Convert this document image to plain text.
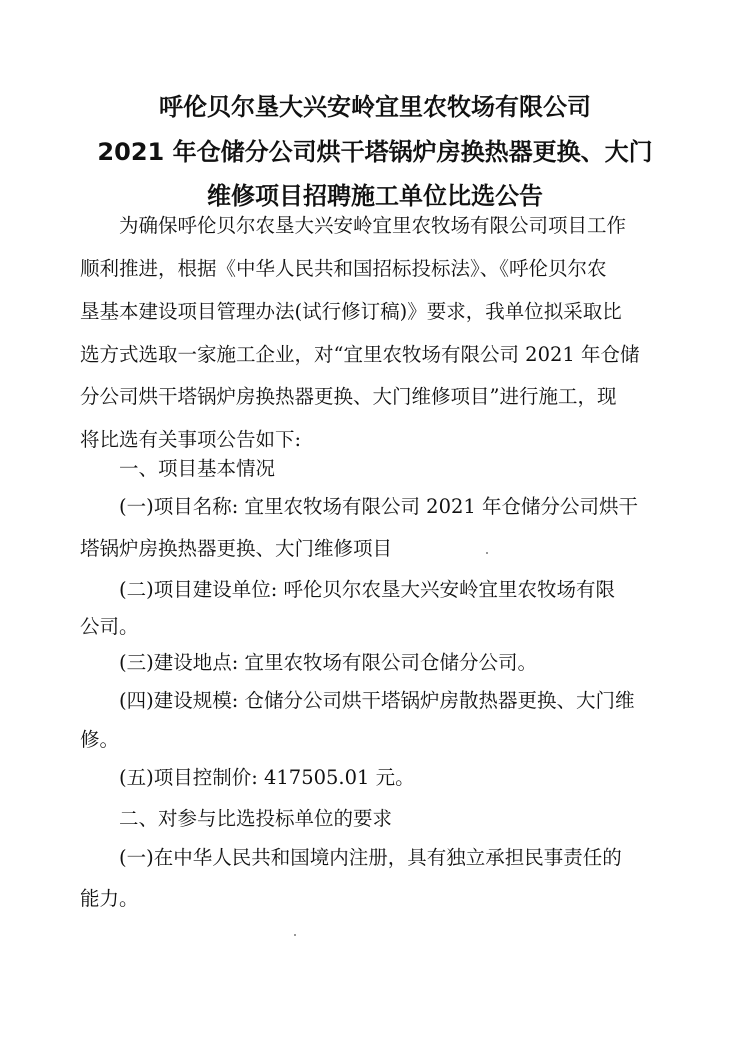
呼伦贝尔垦大兴安岭宜里农牧场有限公司
2021 年仓储分公司烘干塔锅炉房换热器更换、大门
维修项目招聘施工单位比选公告
为确保呼伦贝尔农垦大兴安岭宜里农牧场有限公司项目工作
顺利推进，根据《中华人民共和国招标投标法》、《呼伦贝尔农
垦基本建设项目管理办法(试行修订稿)》要求，我单位拟采取比
选方式选取一家施工企业，对“宜里农牧场有限公司 2021 年仓储
分公司烘干塔锅炉房换热器更换、大门维修项目”进行施工，现
将比选有关事项公告如下:
一、项目基本情况
(一)项目名称: 宜里农牧场有限公司 2021 年仓储分公司烘干
塔锅炉房换热器更换、大门维修项目
(二)项目建设单位: 呼伦贝尔农垦大兴安岭宜里农牧场有限
公司。
(三)建设地点: 宜里农牧场有限公司仓储分公司。
(四)建设规模: 仓储分公司烘干塔锅炉房散热器更换、大门维
修。
(五)项目控制价: 417505.01 元。
二、对参与比选投标单位的要求
(一)在中华人民共和国境内注册，具有独立承担民事责任的
能力。
